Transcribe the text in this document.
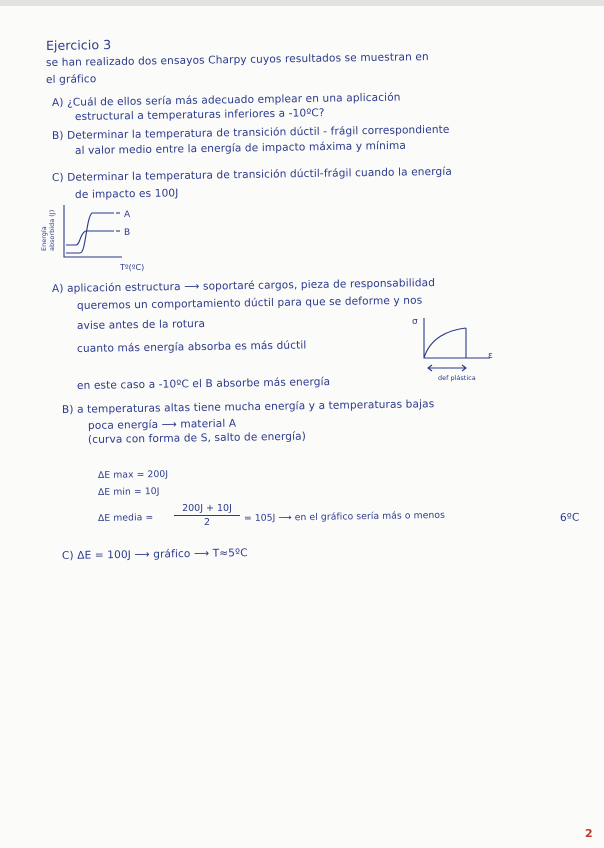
Ejercicio 3
se han realizado dos ensayos Charpy cuyos resultados se muestran en
el gráfico
A) ¿Cuál de ellos sería más adecuado emplear en una aplicación
estructural a temperaturas inferiores a -10ºC?
B) Determinar la temperatura de transición dúctil - frágil correspondiente
al valor medio entre la energía de impacto máxima y mínima
C) Determinar la temperatura de transición dúctil-frágil cuando la energía
de impacto es 100J
A
B
Tº(ºC)
Energía absorbida (J)
A) aplicación estructura ⟶ soportaré cargos, pieza de responsabilidad
queremos un comportamiento dúctil para que se deforme y nos
avise antes de la rotura
cuanto más energía absorba es más dúctil
en este caso a -10ºC el B absorbe más energía
σ
ε
def plástica
B) a temperaturas altas tiene mucha energía y a temperaturas bajas
poca energía ⟶ material A
(curva con forma de S, salto de energía)
ΔE max = 200J
ΔE min = 10J
ΔE media =
200J + 10J
2	= 105J ⟶ en el gráfico sería más o menos	6ºC
C) ΔE = 100J ⟶ gráfico ⟶ T≈5ºC
2
